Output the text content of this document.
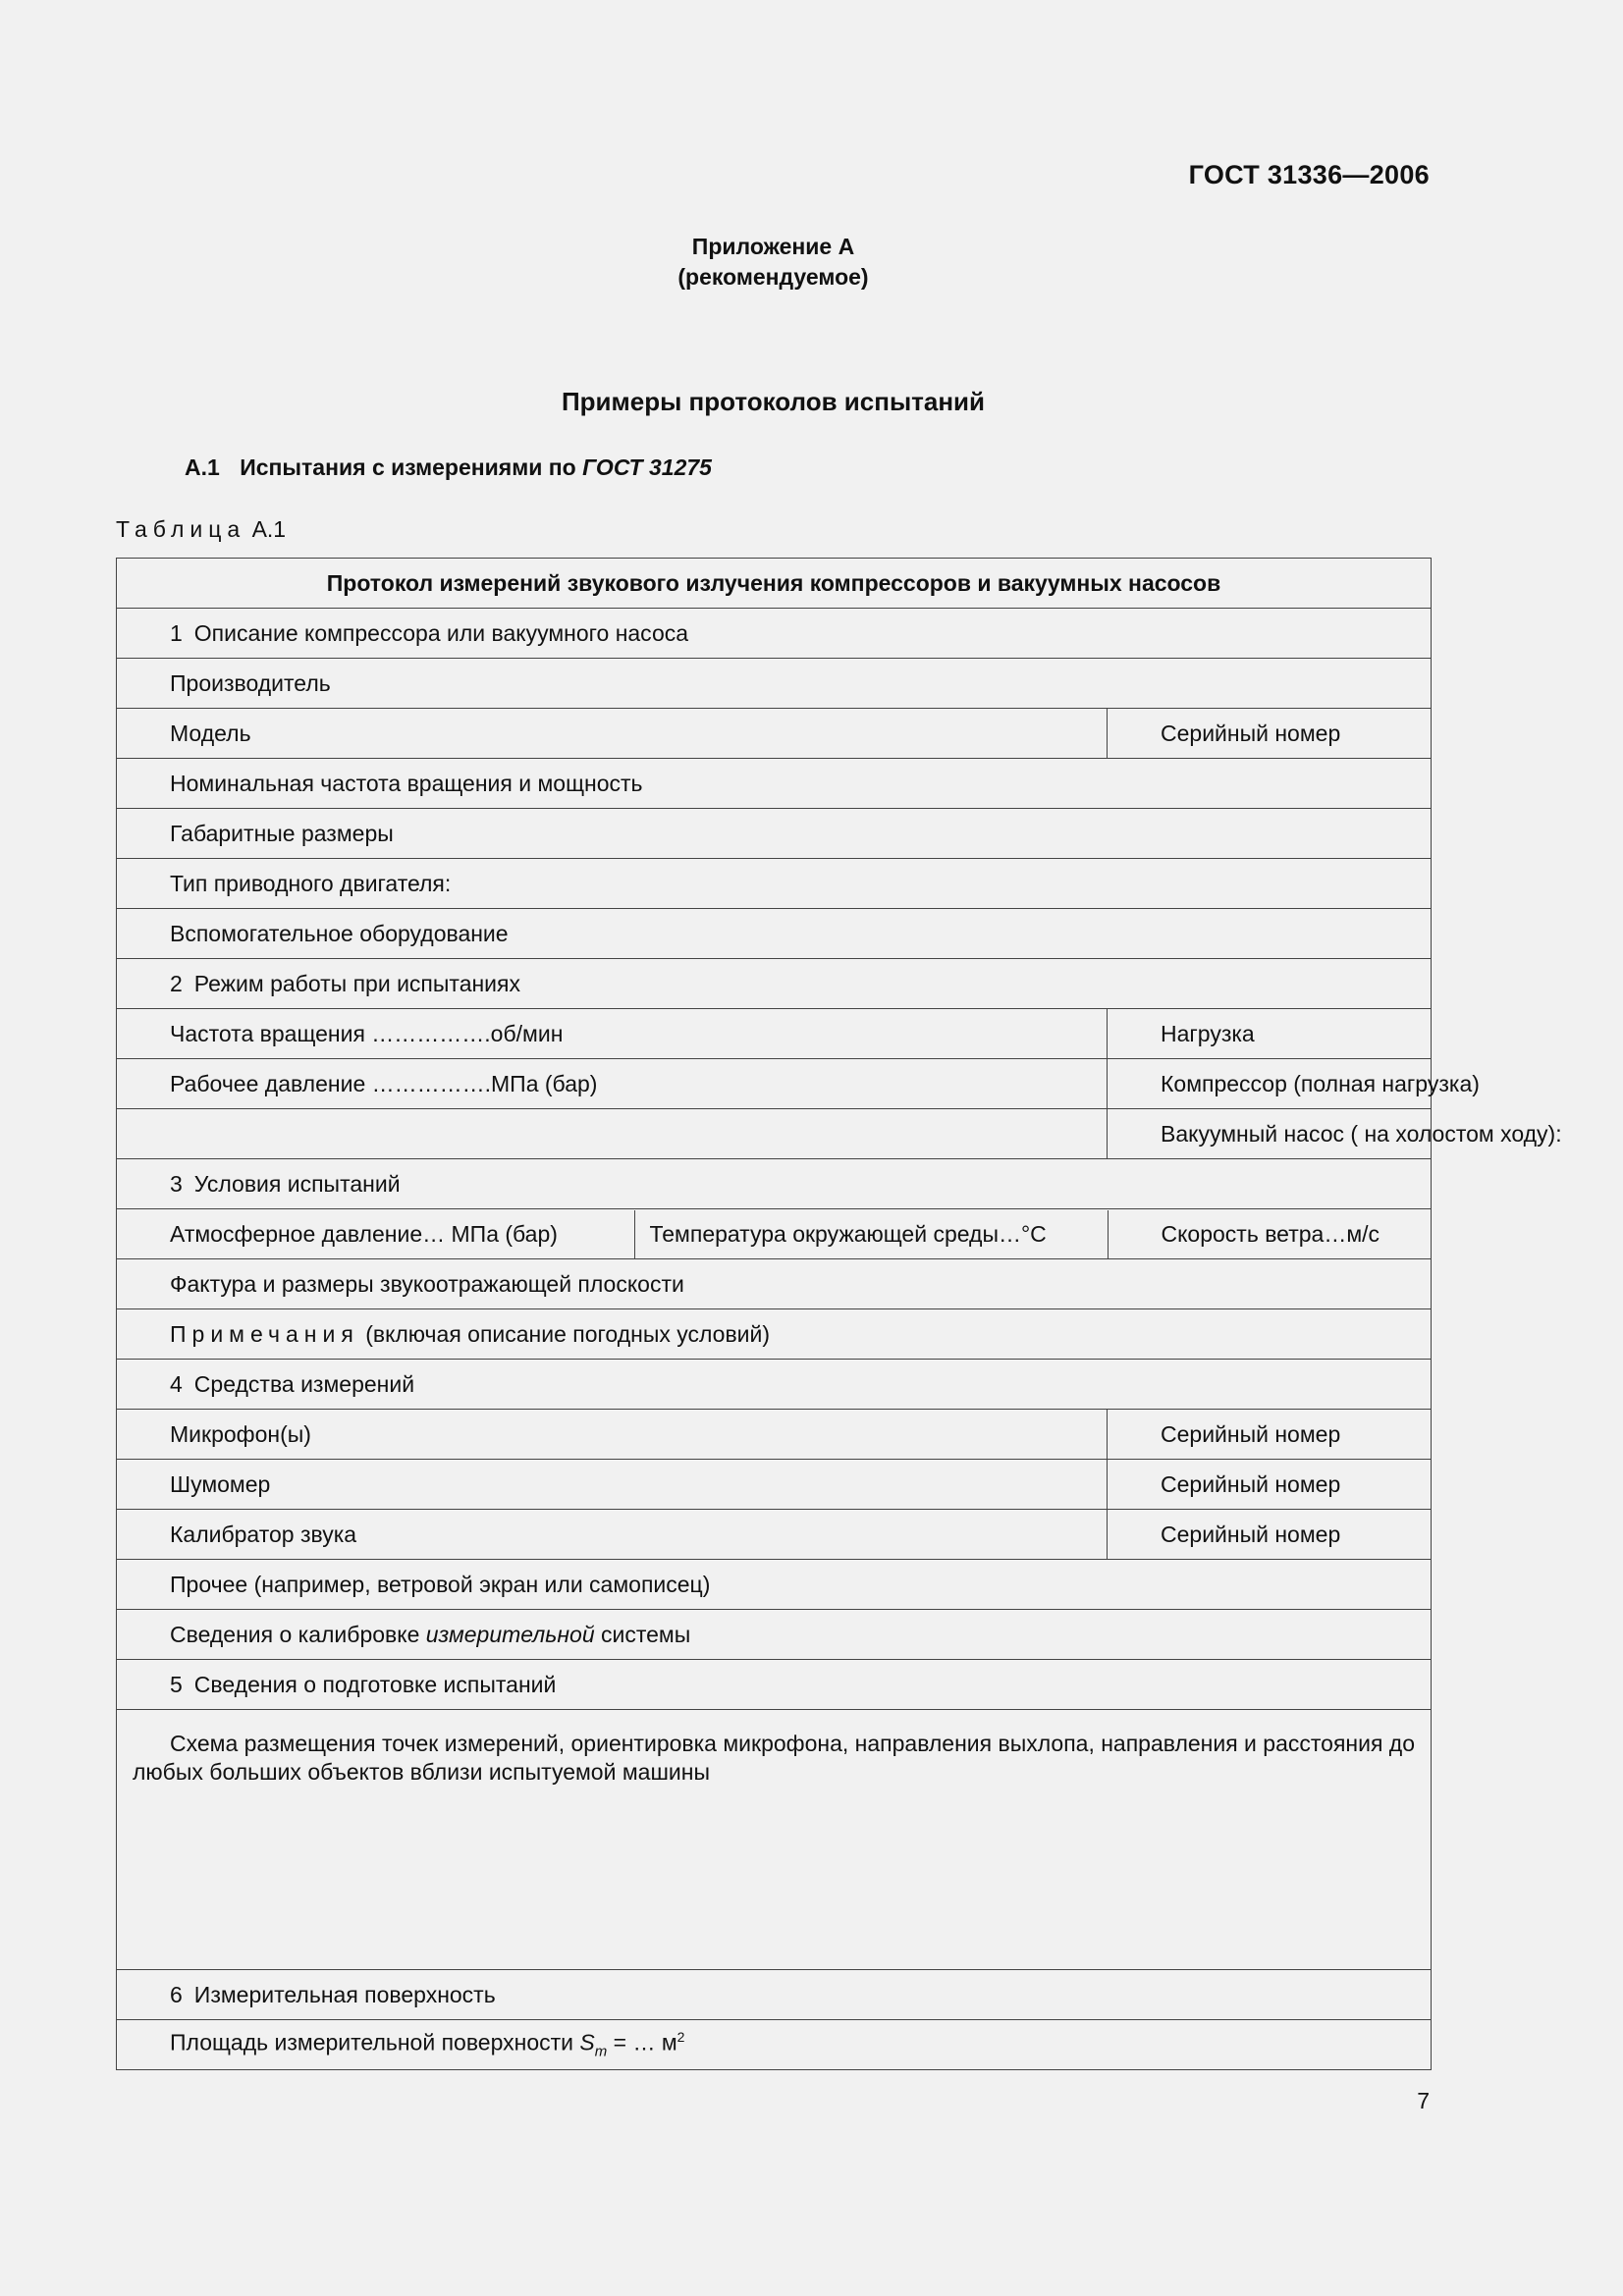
ГОСТ 31336—2006
Приложение А
(рекомендуемое)
Примеры протоколов испытаний
А.1 Испытания с измерениями по ГОСТ 31275
Таблица А.1
Протокол измерений звукового излучения компрессоров и вакуумных насосов
1 Описание компрессора или вакуумного насоса
Производитель
Модель	Серийный номер
Номинальная частота вращения и мощность
Габаритные размеры
Тип приводного двигателя:
Вспомогательное оборудование
2 Режим работы при испытаниях
Частота вращения …………….об/мин	Нагрузка
Рабочее давление …………….МПа (бар)	Компрессор (полная нагрузка)
	Вакуумный насос ( на холостом ходу):
3 Условия испытаний

Атмосферное давление… МПа (бар)	Температура окружающей среды…°С	Скорость ветра…м/с

Фактура и размеры звукоотражающей плоскости
Примечания (включая описание погодных условий)
4 Средства измерений
Микрофон(ы)	Серийный номер
Шумомер	Серийный номер
Калибратор звука	Серийный номер
Прочее (например, ветровой экран или самописец)
Сведения о калибровке измерительной системы
5 Сведения о подготовке испытаний

Схема размещения точек измерений, ориентировка микрофона, направления выхлопа, направления и расстояния до любых больших объектов вблизи испытуемой машины

6 Измерительная поверхность
Площадь измерительной поверхности $S_m$ = … $м^2$
7
